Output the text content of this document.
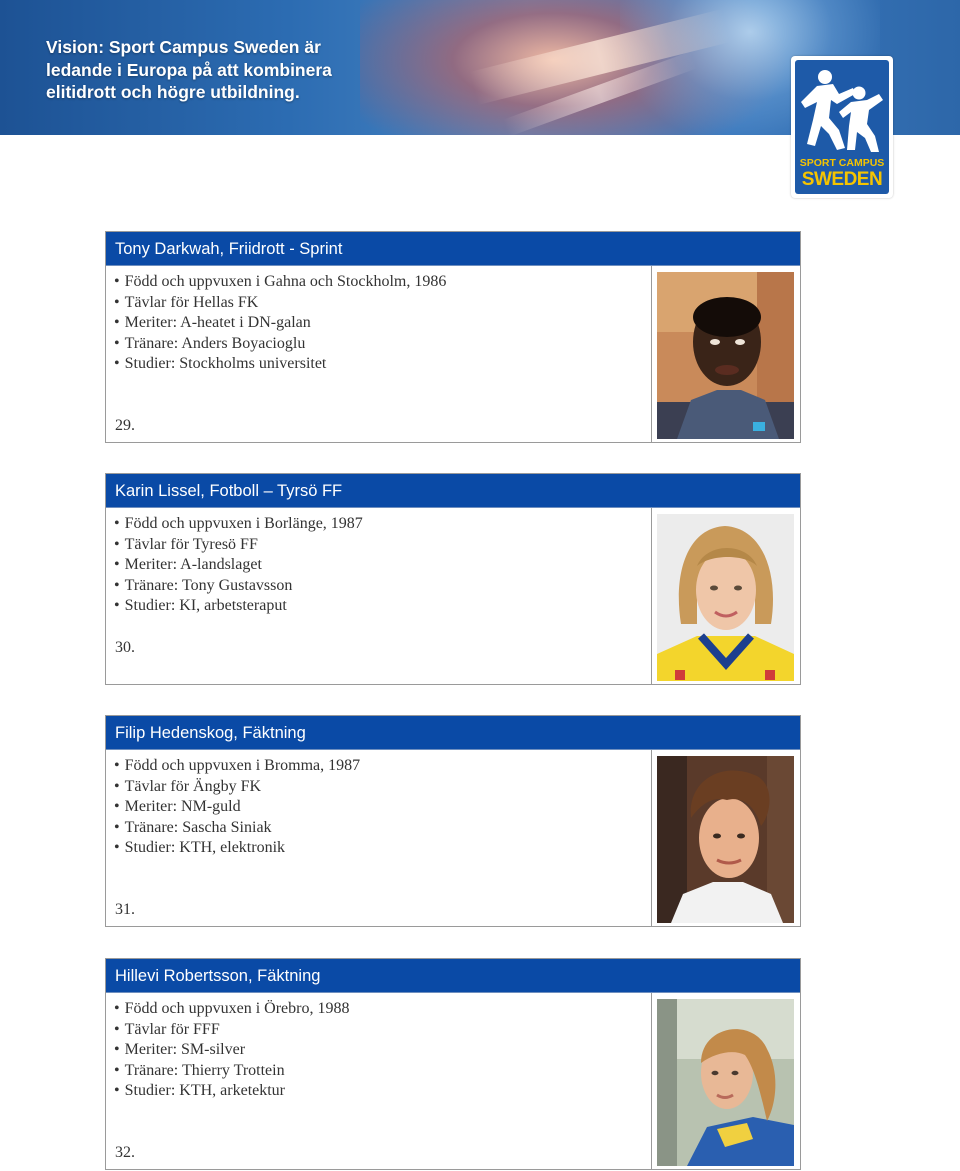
Vision: Sport Campus Sweden är
ledande i Europa på att kombinera
elitidrott och högre utbildning.

SPORT CAMPUS
SWEDEN
Tony Darkwah, Friidrott - Sprint
• Född och uppvuxen i Gahna och Stockholm, 1986
• Tävlar för Hellas FK
• Meriter: A-heatet i DN-galan
• Tränare: Anders Boyacioglu
• Studier: Stockholms universitet
29.
Karin Lissel, Fotboll – Tyrsö FF
• Född och uppvuxen i Borlänge, 1987
• Tävlar för Tyresö FF
• Meriter: A-landslaget
• Tränare: Tony Gustavsson
• Studier: KI, arbetsteraput
30.
Filip Hedenskog, Fäktning
• Född och uppvuxen i Bromma, 1987
• Tävlar för Ängby FK
• Meriter: NM-guld
• Tränare: Sascha Siniak
• Studier: KTH, elektronik
31.
Hillevi Robertsson, Fäktning
• Född och uppvuxen i Örebro, 1988
• Tävlar för FFF
• Meriter: SM-silver
• Tränare: Thierry Trottein
• Studier: KTH, arketektur
32.
